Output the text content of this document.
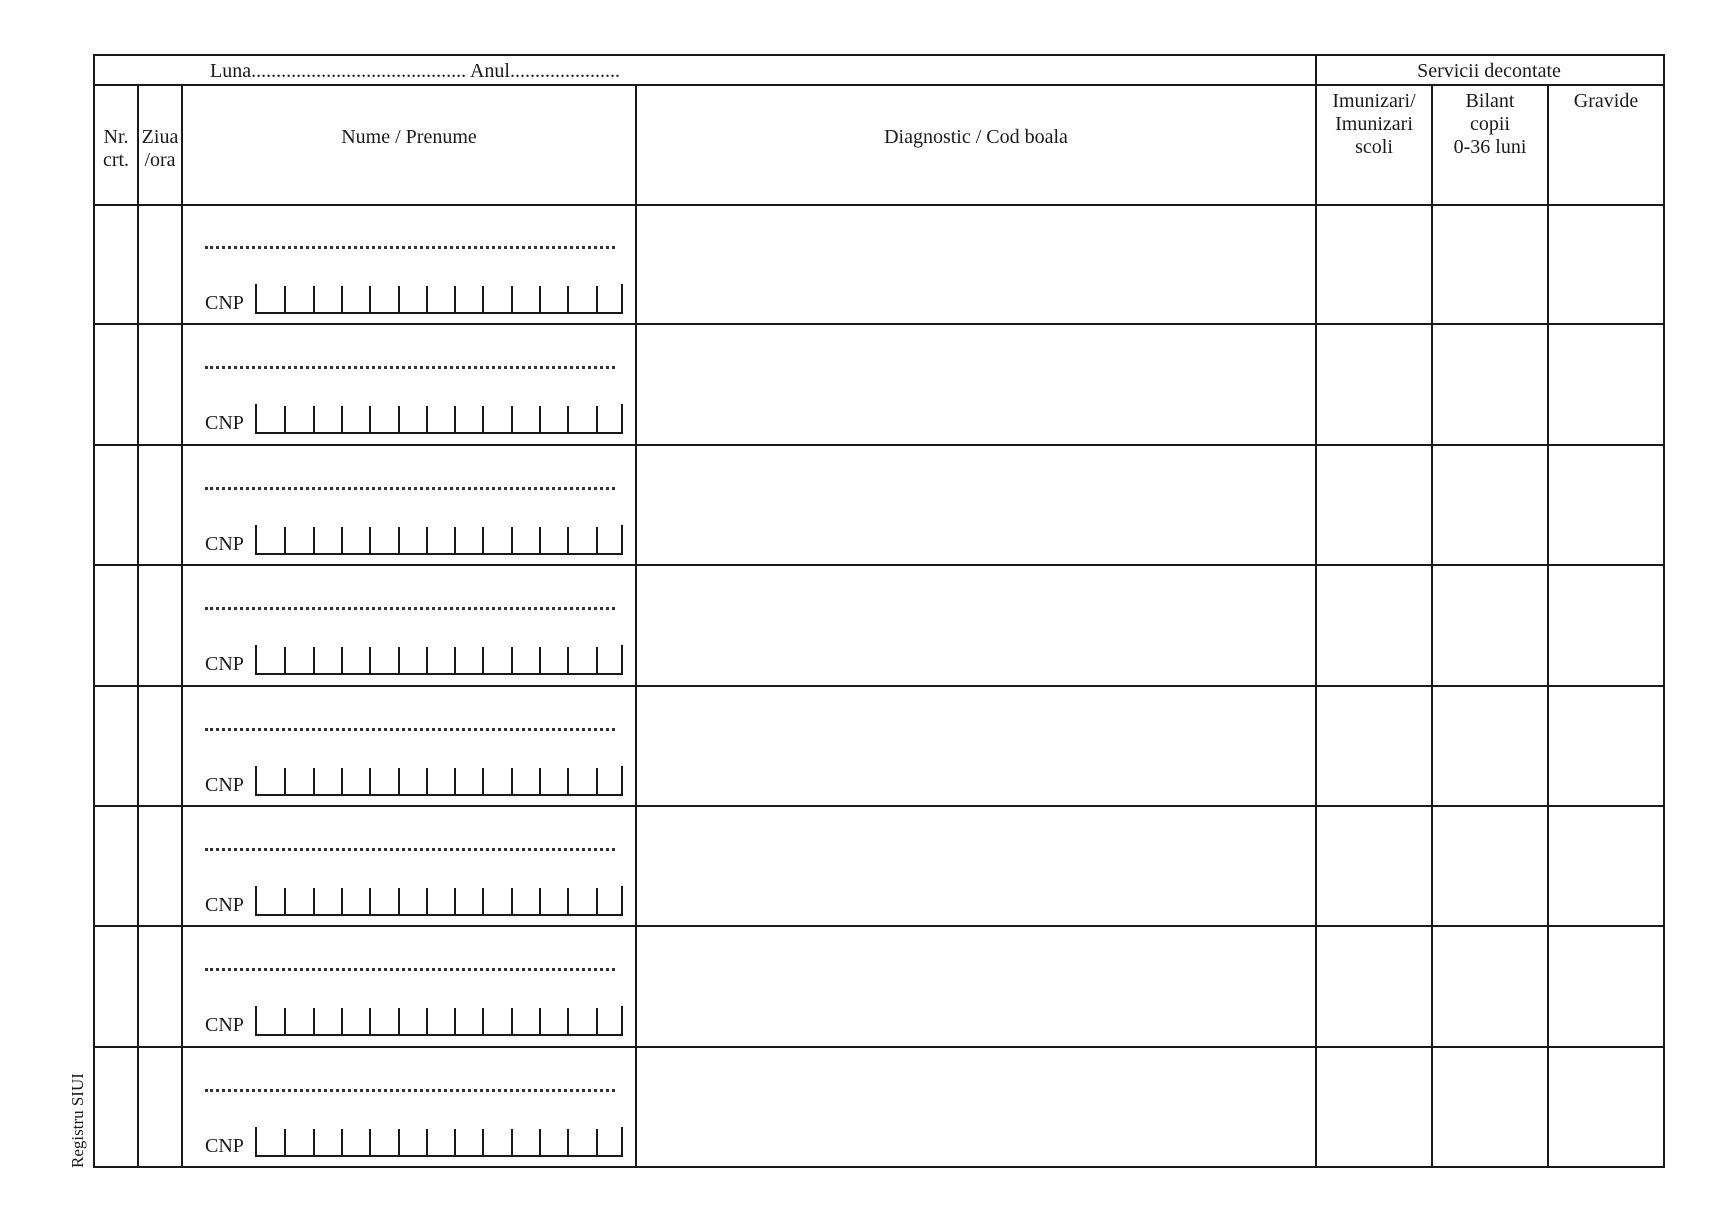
Luna........................................... Anul......................	Servicii decontate
Nr.
crt.
Ziua
/ora
Nume / Prenume	Diagnostic / Cod boala
Imunizari/
Imunizari
scoli
Bilant
copii
0-36 luni
Gravide
CNP
CNP
CNP
CNP
CNP
CNP
CNP
CNP
Registru SIUI
